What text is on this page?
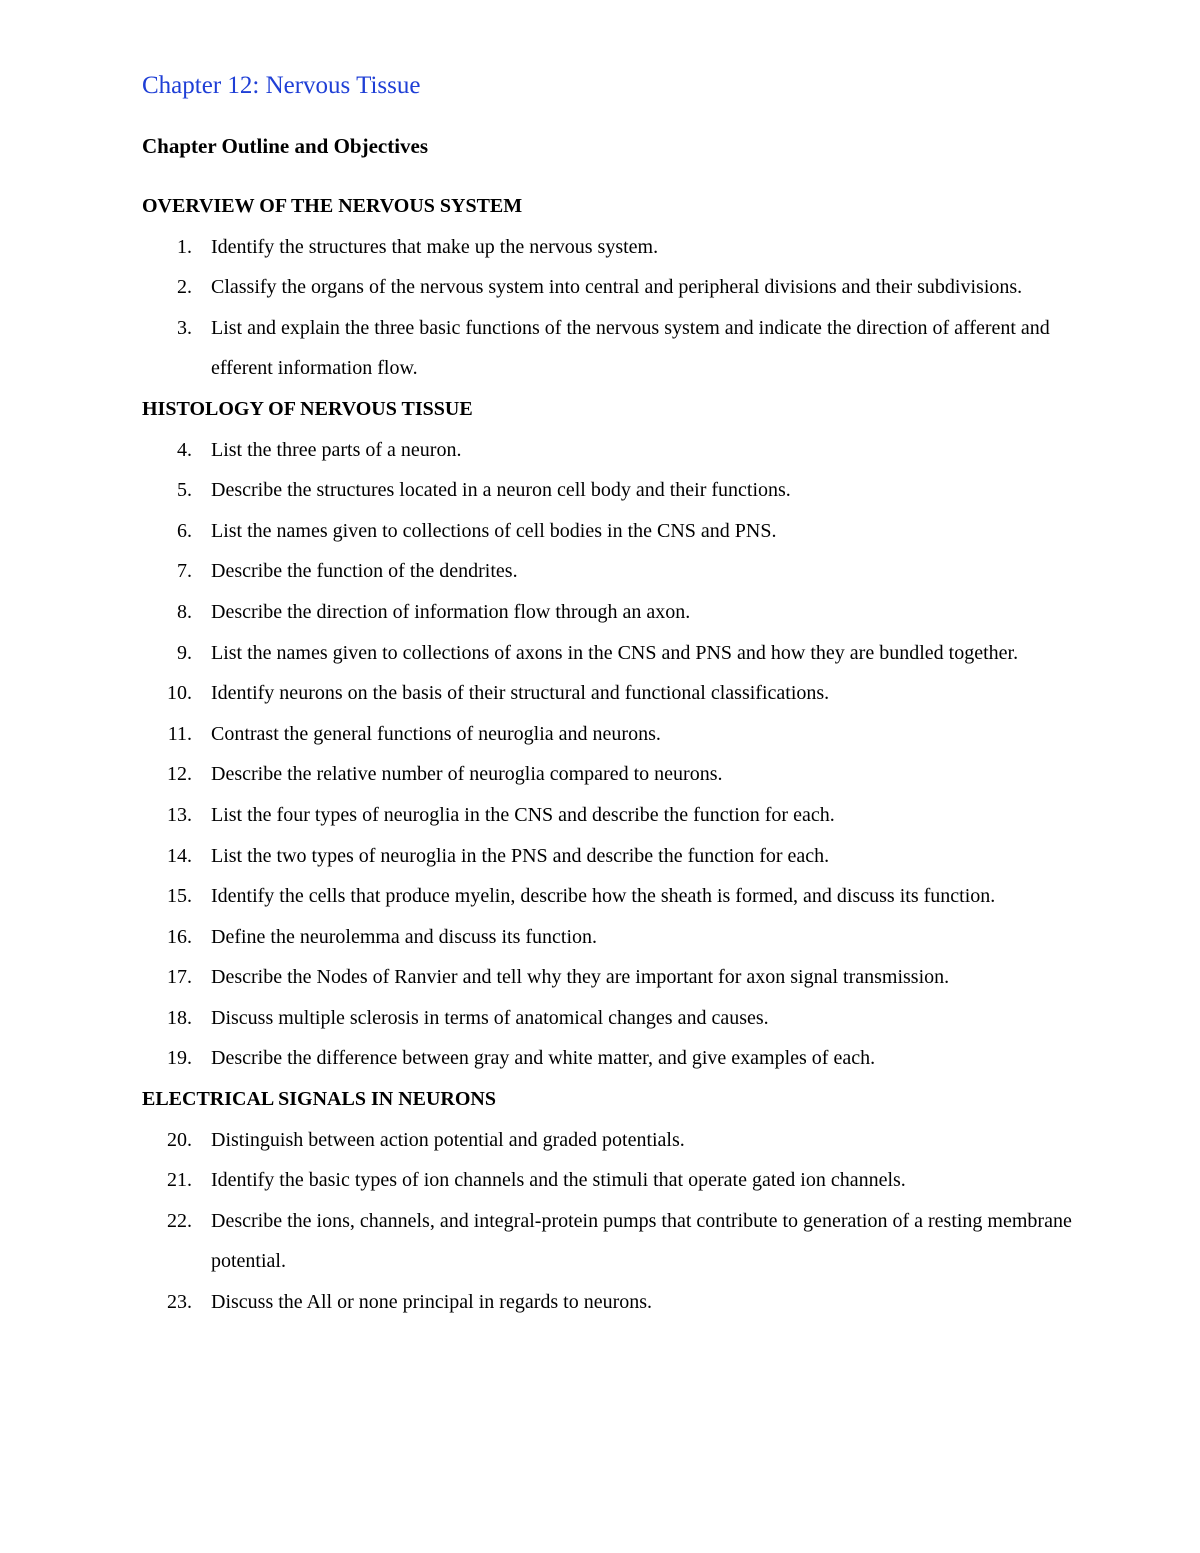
Chapter 12: Nervous Tissue
Chapter Outline and Objectives
OVERVIEW OF THE NERVOUS SYSTEM
1. Identify the structures that make up the nervous system.
2. Classify the organs of the nervous system into central and peripheral divisions and their subdivisions.
3. List and explain the three basic functions of the nervous system and indicate the direction of afferent and efferent information flow.
HISTOLOGY OF NERVOUS TISSUE
4. List the three parts of a neuron.
5. Describe the structures located in a neuron cell body and their functions.
6. List the names given to collections of cell bodies in the CNS and PNS.
7. Describe the function of the dendrites.
8. Describe the direction of information flow through an axon.
9. List the names given to collections of axons in the CNS and PNS and how they are bundled together.
10. Identify neurons on the basis of their structural and functional classifications.
11. Contrast the general functions of neuroglia and neurons.
12. Describe the relative number of neuroglia compared to neurons.
13. List the four types of neuroglia in the CNS and describe the function for each.
14. List the two types of neuroglia in the PNS and describe the function for each.
15. Identify the cells that produce myelin, describe how the sheath is formed, and discuss its function.
16. Define the neurolemma and discuss its function.
17. Describe the Nodes of Ranvier and tell why they are important for axon signal transmission.
18. Discuss multiple sclerosis in terms of anatomical changes and causes.
19. Describe the difference between gray and white matter, and give examples of each.
ELECTRICAL SIGNALS IN NEURONS
20. Distinguish between action potential and graded potentials.
21. Identify the basic types of ion channels and the stimuli that operate gated ion channels.
22. Describe the ions, channels, and integral-protein pumps that contribute to generation of a resting membrane potential.
23. Discuss the All or none principal in regards to neurons.
